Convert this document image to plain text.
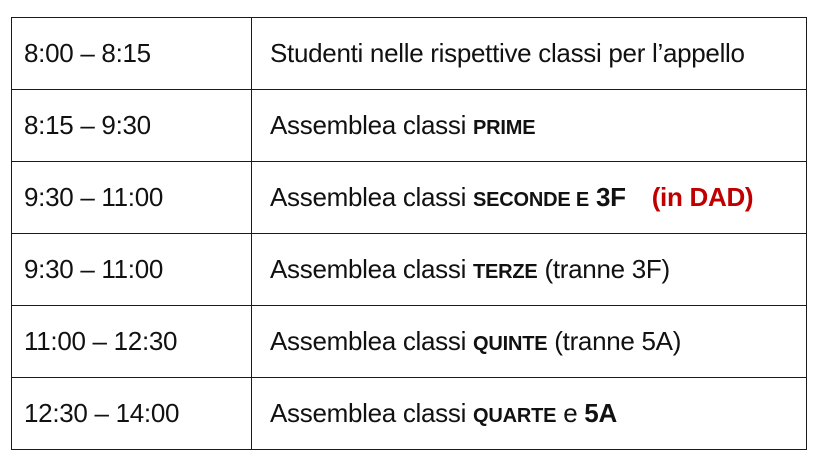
8:00 – 8:15	Studenti nelle rispettive classi per l’appello
8:15 – 9:30	Assemblea classi PRIME
9:30 – 11:00	Assemblea classi SECONDE E 3F (in DAD)
9:30 – 11:00	Assemblea classi TERZE (tranne 3F)
11:00 – 12:30	Assemblea classi QUINTE (tranne 5A)
12:30 – 14:00	Assemblea classi QUARTE e 5A
